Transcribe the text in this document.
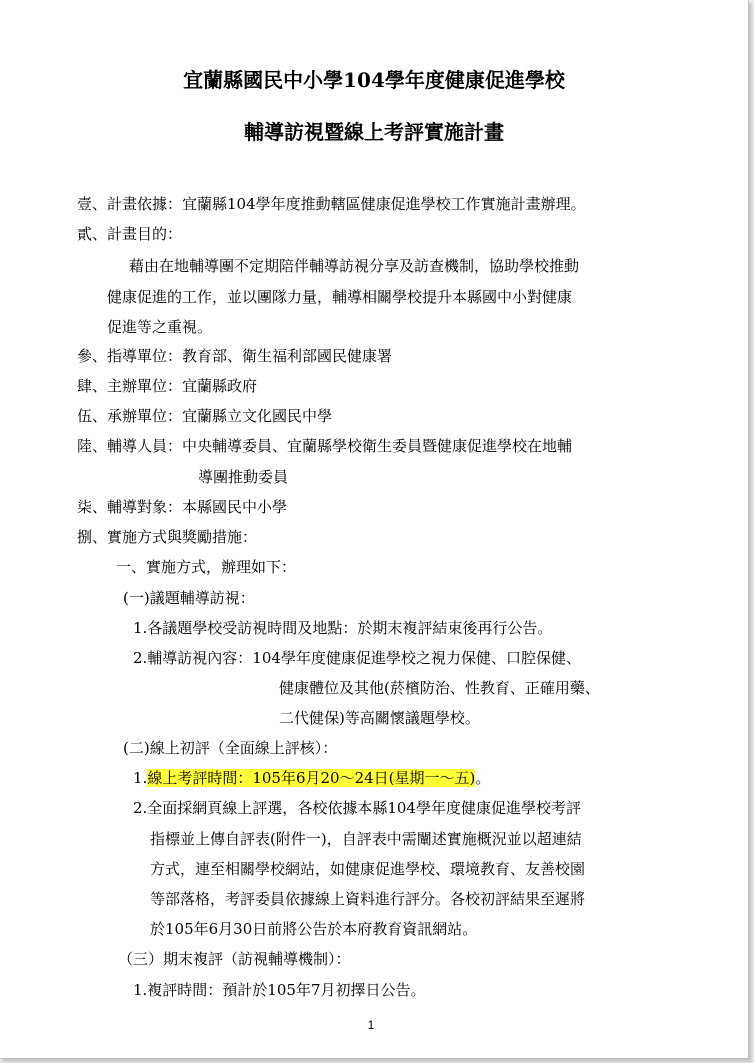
宜蘭縣國民中小學104學年度健康促進學校
輔導訪視暨線上考評實施計畫
壹、計畫依據：宜蘭縣104學年度推動轄區健康促進學校工作實施計畫辦理。
貳、計畫目的：
藉由在地輔導團不定期陪伴輔導訪視分享及訪查機制，協助學校推動
健康促進的工作，並以團隊力量，輔導相關學校提升本縣國中小對健康
促進等之重視。
參、指導單位：教育部、衛生福利部國民健康署
肆、主辦單位：宜蘭縣政府
伍、承辦單位：宜蘭縣立文化國民中學
陸、輔導人員：中央輔導委員、宜蘭縣學校衛生委員暨健康促進學校在地輔
導團推動委員
柒、輔導對象：本縣國民中小學
捌、實施方式與獎勵措施：
一、實施方式，辦理如下：
(一)議題輔導訪視：
1.各議題學校受訪視時間及地點：於期末複評結束後再行公告。
2.輔導訪視內容：104學年度健康促進學校之視力保健、口腔保健、
健康體位及其他(菸檳防治、性教育、正確用藥、
二代健保)等高關懷議題學校。
(二)線上初評（全面線上評核）：
1.線上考評時間：105年6月20～24日(星期一～五)。
2.全面採網頁線上評選，各校依據本縣104學年度健康促進學校考評
指標並上傳自評表(附件一)，自評表中需闡述實施概況並以超連結
方式，連至相關學校網站，如健康促進學校、環境教育、友善校園
等部落格，考評委員依據線上資料進行評分。各校初評結果至遲將
於105年6月30日前將公告於本府教育資訊網站。
（三）期末複評（訪視輔導機制）：
1.複評時間：預計於105年7月初擇日公告。
1
